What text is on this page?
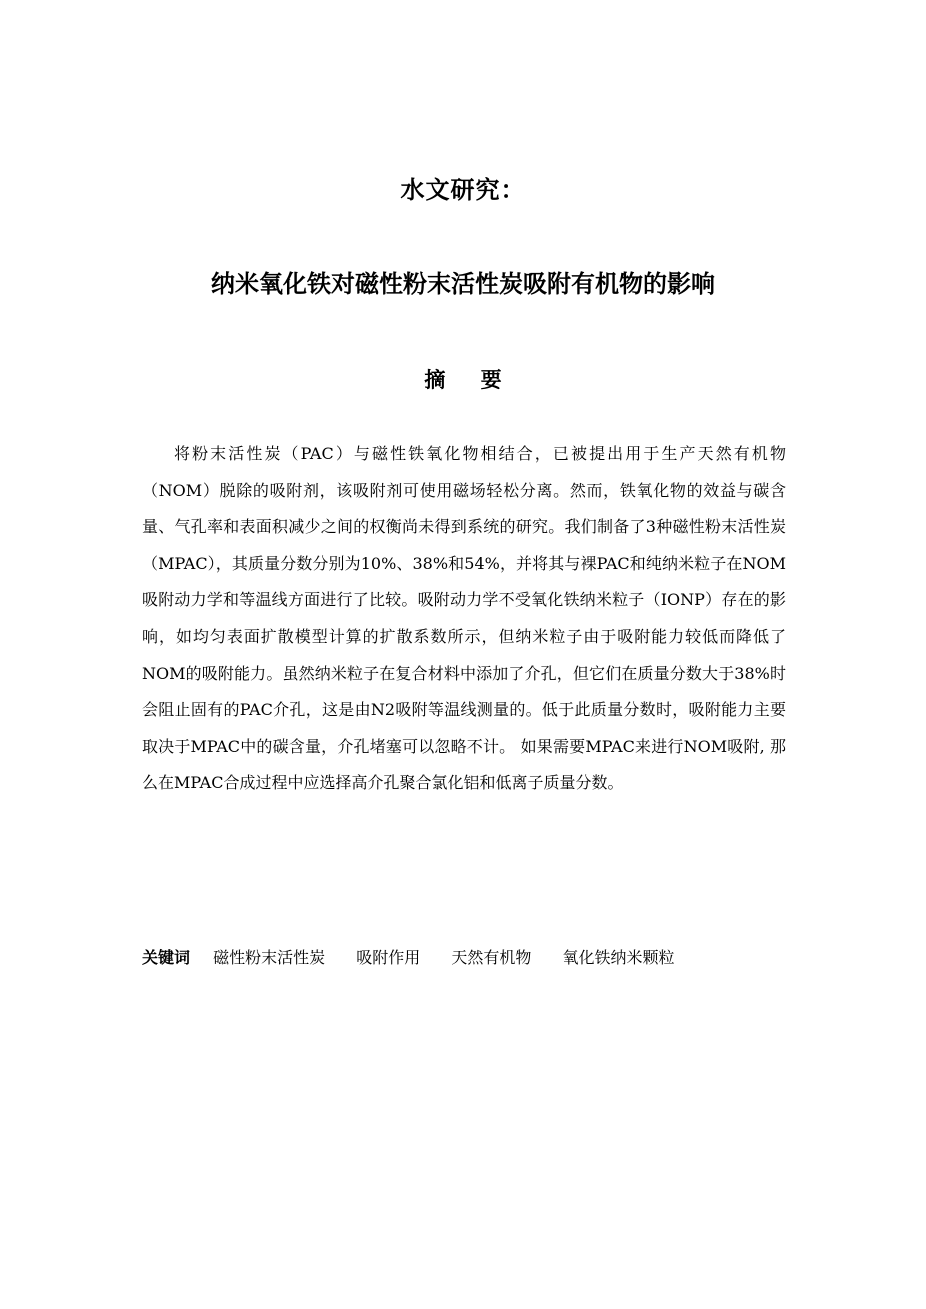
水文研究：
纳米氧化铁对磁性粉末活性炭吸附有机物的影响
摘 要

将粉末活性炭（PAC）与磁性铁氧化物相结合，已被提出用于生产天然有机物（NOM）脱除的吸附剂，该吸附剂可使用磁场轻松分离。然而，铁氧化物的效益与碳含量、气孔率和表面积减少之间的权衡尚未得到系统的研究。我们制备了3种磁性粉末活性炭（MPAC），其质量分数分别为10%、38%和54%，并将其与裸PAC和纯纳米粒子在NOM吸附动力学和等温线方面进行了比较。吸附动力学不受氧化铁纳米粒子（IONP）存在的影响，如均匀表面扩散模型计算的扩散系数所示，但纳米粒子由于吸附能力较低而降低了NOM的吸附能力。虽然纳米粒子在复合材料中添加了介孔，但它们在质量分数大于38%时会阻止固有的PAC介孔，这是由N2吸附等温线测量的。低于此质量分数时，吸附能力主要取决于MPAC中的碳含量，介孔堵塞可以忽略不计。 如果需要MPAC来进行NOM吸附, 那么在MPAC合成过程中应选择高介孔聚合氯化铝和低离子质量分数。

关键词 磁性粉末活性炭 吸附作用 天然有机物 氧化铁纳米颗粒
